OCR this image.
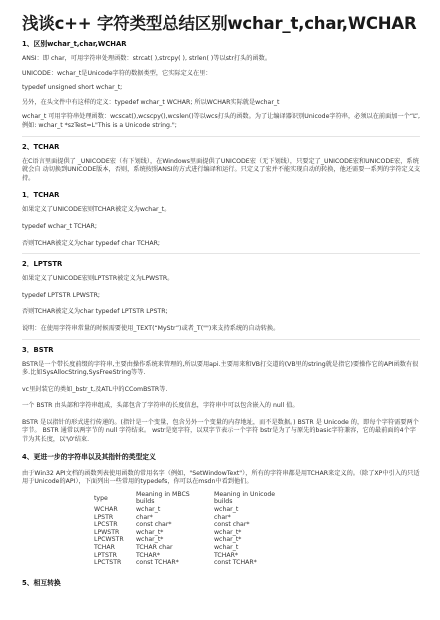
浅谈c++ 字符类型总结区别wchar_t,char,WCHAR
1、区别wchar_t,char,WCHAR
ANSI：即 char，可用字符串处理函数：strcat( ),strcpy( ), strlen( )等以str打头的函数。
UNICODE：wchar_t是Unicode字符的数据类型，它实际定义在里：
typedef unsigned short wchar_t;
另外，在头文件中有这样的定义：typedef wchar_t WCHAR; 所以WCHAR实际就是wchar_t
wchar_t 可用字符串处理函数：wcscat(),wcscpy(),wcslen()等以wcs打头的函数。为了让编译器识别Unicode字符串，必须以在前面加一个“L”,例如: wchar_t *szTest=L"This is a Unicode string.";
2、TCHAR
在C语言里面提供了 _UNICODE宏（有下划线），在Windows里面提供了UNICODE宏（无下划线），只要定了_UNICODE宏和UNICODE宏，系统就会自 动切换到UNICODE版本，否则，系统按照ANSI的方式进行编译和运行。只定义了宏并不能实现自动的转换，他还需要一系列的字符定义支持。
1．TCHAR
如果定义了UNICODE宏则TCHAR被定义为wchar_t。
typedef wchar_t TCHAR;
否则TCHAR被定义为char typedef char TCHAR;
2．LPTSTR
如果定义了UNICODE宏则LPTSTR被定义为LPWSTR。
typedef LPTSTR LPWSTR;
否则TCHAR被定义为char typedef LPTSTR LPSTR;
说明：在使用字符串常量的时候需要使用_TEXT(“MyStr”)或者_T("")来支持系统的自动转换。
3．BSTR
BSTR是一个带长度前缀的字符串,主要由操作系统来管理的,所以要用api.主要用来和VB打交道的(VB里的string就是指它)要操作它的API函数有很多.比如SysAllocString,SysFreeString等等.
vc里封装它的类如_bstr_t,及ATL中的CComBSTR等.
一个 BSTR 由头部和字符串组成，头部包含了字符串的长度信息，字符串中可以包含嵌入的 null 值。
BSTR 是以指针的形式进行传递的。(指针是一个变量，包含另外一个变量的内存地址，而不是数据。) BSTR 是 Unicode 的，即每个字符需要两个字节。 BSTR 通常以两字节的 null 字符结束。 wstr是宽字符，以双字节表示一个字符 bstr是为了与原先的basic字符兼容，它的最前面的4个字节为其长度，以'\0'结束.
4、更进一步的字符串以及其指针的类型定义
由于Win32 API文档的函数列表使用函数的常用名字（例如，"SetWindowText"），所有的字符串都是用TCHAR来定义的。（除了XP中引入的只适用于Unicode的API），下面列出一些常用的typedefs，你可以在msdn中看到他们。
type	Meaning in MBCS builds	Meaning in Unicode builds
WCHAR	wchar_t	wchar_t
LPSTR	char*	char*
LPCSTR	const char*	const char*
LPWSTR	wchar_t*	wchar_t*
LPCWSTR	wchar_t*	wchar_t*
TCHAR	TCHAR char	wchar_t
LPTSTR	TCHAR*	TCHAR*
LPCTSTR	const TCHAR*	const TCHAR*
5、相互转换
